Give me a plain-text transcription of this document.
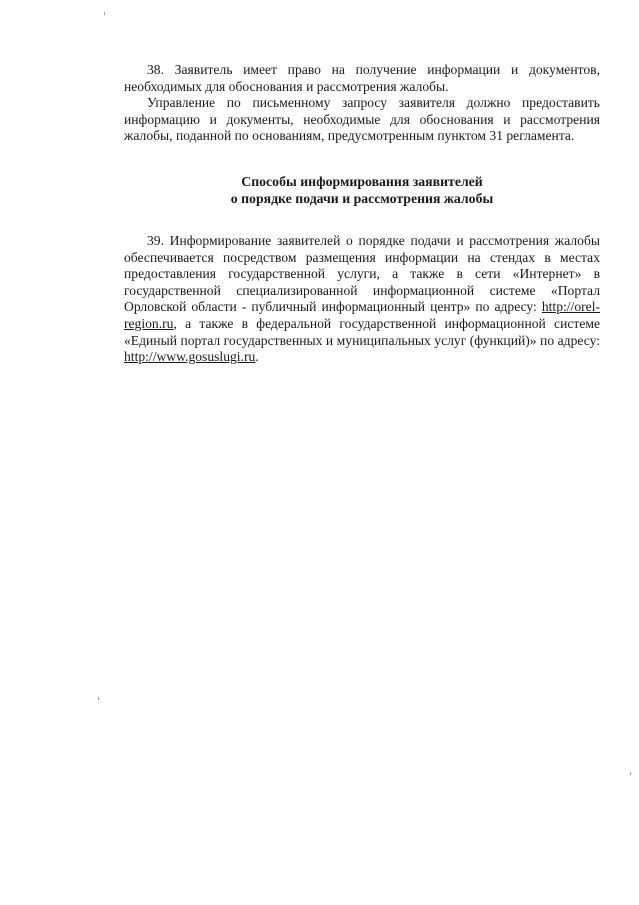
38. Заявитель имеет право на получение информации и документов, необходимых для обоснования и рассмотрения жалобы.

Управление по письменному запросу заявителя должно предоставить информацию и документы, необходимые для обоснования и рассмотрения жалобы, поданной по основаниям, предусмотренным пунктом 31 регламента.

Способы информирования заявителей
о порядке подачи и рассмотрения жалобы

39. Информирование заявителей о порядке подачи и рассмотрения жалобы обеспечивается посредством размещения информации на стендах в местах предоставления государственной услуги, а также в сети «Интернет» в государственной специализированной информационной системе «Портал Орловской области - публичный информационный центр» по адресу: http://orel-region.ru, а также в федеральной государственной информационной системе «Единый портал государственных и муниципальных услуг (функций)» по адресу: http://www.gosuslugi.ru.
